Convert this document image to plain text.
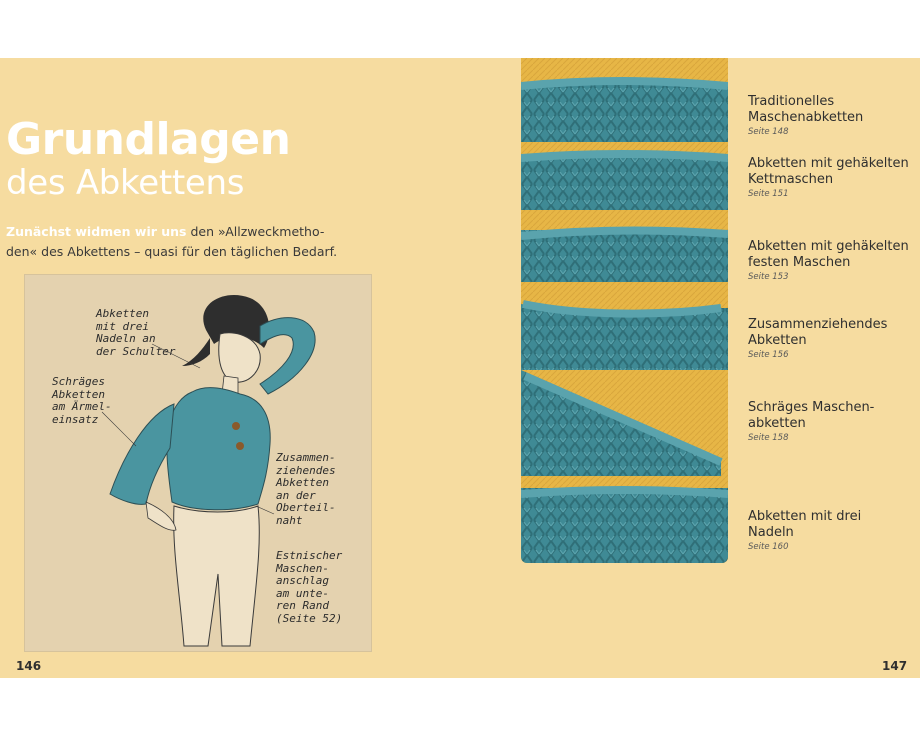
Grundlagen
des Abkettens
Zunächst widmen wir uns den »Allzweckmetho-den« des Abkettens – quasi für den täglichen Bedarf.
Abketten
mit drei
Nadeln an
der Schulter
Schräges
Abketten
am Ärmel-
einsatz
Zusammen-
ziehendes
Abketten
an der
Oberteil-
naht
Estnischer
Maschen-
anschlag
am unte-
ren Rand
(Seite 52)
146	147
Traditionelles
Maschenabketten
Seite 148
Abketten mit gehäkelten
Kettmaschen
Seite 151
Abketten mit gehäkelten
festen Maschen
Seite 153
Zusammenziehendes
Abketten
Seite 156
Schräges Maschen-
abketten
Seite 158
Abketten mit drei
Nadeln
Seite 160
